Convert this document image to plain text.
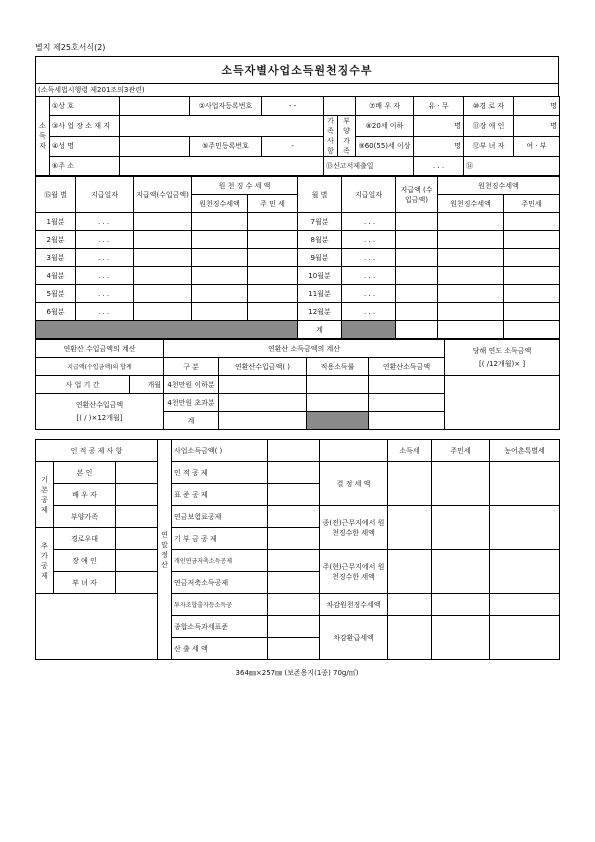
별지 제25호서식(2)
소득자별사업소득원천징수부
(소득세법시행령 제201조의3관련)
소득자	①상 호		②사업자등록번호	- -			⑦배 우 자	유 · 무	⑩경 로 자	명
	③사 업 장 소 재 지				가족사항	부양 가족	⑧20세 이하	명	⑪장 애 인	명
	④성 명		⑤주민등록번호	-			⑨60(55)세 이상	명	⑫부 녀 자	여 · 부
	⑥주 소				⑬신고서제출일			. . .	⑭	
⑮월 별	지급일자	지급액(수입금액)	원 천 징 수 세 액		월 별	지급일자	지급액 (수입금액)	원천징수세액	
			원천징수세액	주 민 세				원천징수세액	주민세
1월분	. . .				7월분	. . .			
2월분	. . .				8월분	. . .			
3월분	. . .				9월분	. . .			
4월분	. . .				10월분	. . .			
5월분	. . .				11월분	. . .			
6월분	. . .				12월분	. . .			
					계				
연환산 수입금액의 계산		연환산 소득금액의 계산				당해 연도 소득금액
[( /12개월)× ]

지급액(수입금액)의 합계		구 분	연환산수입금액( )	적용소득률	연환산소득금액	
사 업 기 간	개월	4천만원 이하분				

연환산수입금액
[( / )×12개월]		4천만원 초과분				
		계				
인 적 공 제 사 항			연말정산	사업소득금액( )			소득세	주민세	농어촌특별세
기본공제	본 인			인 적 공 제		결 정 세 액			
	배 우 자			표 준 공 제					
	부양가족			연금보험료공제		종(전)근무지에서 원천징수한 세액			
추가공제	경로우대			기 부 금 공 제					
	장 애 인			개인연금저축소득공제		주(현)근무지에서 원천징수한 세액			
	부 녀 자			연금저축소득공제					
				투자조합출자등소득공		차감원천징수세액			
				종합소득과세표준		차감환급세액			
				산 출 세 액					
364㎜×257㎜ (보존용지(1종) 70g/㎡)
